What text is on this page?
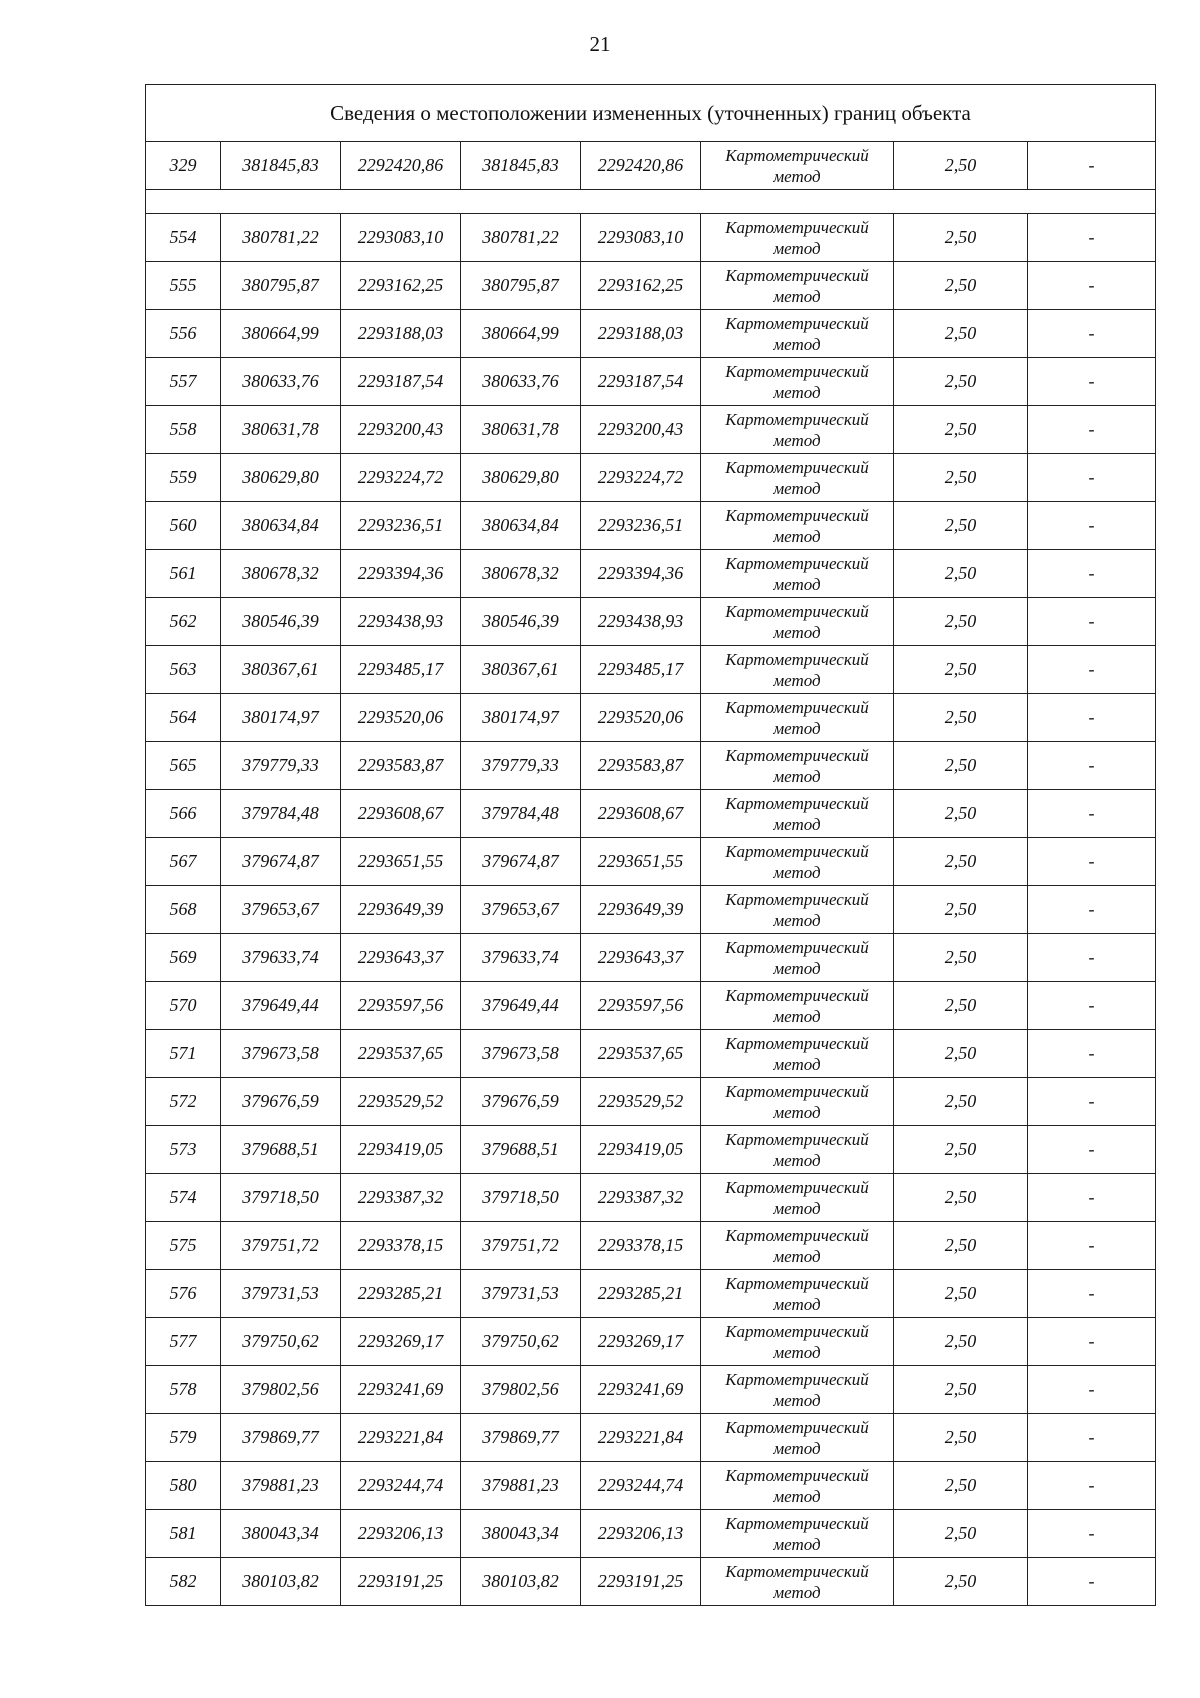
21
Сведения о местоположении измененных (уточненных) границ объекта							
329	381845,83	2292420,86	381845,83	2292420,86	Картометрический
метод	2,50	-

554	380781,22	2293083,10	380781,22	2293083,10	Картометрический
метод	2,50	-
555	380795,87	2293162,25	380795,87	2293162,25	Картометрический
метод	2,50	-
556	380664,99	2293188,03	380664,99	2293188,03	Картометрический
метод	2,50	-
557	380633,76	2293187,54	380633,76	2293187,54	Картометрический
метод	2,50	-
558	380631,78	2293200,43	380631,78	2293200,43	Картометрический
метод	2,50	-
559	380629,80	2293224,72	380629,80	2293224,72	Картометрический
метод	2,50	-
560	380634,84	2293236,51	380634,84	2293236,51	Картометрический
метод	2,50	-
561	380678,32	2293394,36	380678,32	2293394,36	Картометрический
метод	2,50	-
562	380546,39	2293438,93	380546,39	2293438,93	Картометрический
метод	2,50	-
563	380367,61	2293485,17	380367,61	2293485,17	Картометрический
метод	2,50	-
564	380174,97	2293520,06	380174,97	2293520,06	Картометрический
метод	2,50	-
565	379779,33	2293583,87	379779,33	2293583,87	Картометрический
метод	2,50	-
566	379784,48	2293608,67	379784,48	2293608,67	Картометрический
метод	2,50	-
567	379674,87	2293651,55	379674,87	2293651,55	Картометрический
метод	2,50	-
568	379653,67	2293649,39	379653,67	2293649,39	Картометрический
метод	2,50	-
569	379633,74	2293643,37	379633,74	2293643,37	Картометрический
метод	2,50	-
570	379649,44	2293597,56	379649,44	2293597,56	Картометрический
метод	2,50	-
571	379673,58	2293537,65	379673,58	2293537,65	Картометрический
метод	2,50	-
572	379676,59	2293529,52	379676,59	2293529,52	Картометрический
метод	2,50	-
573	379688,51	2293419,05	379688,51	2293419,05	Картометрический
метод	2,50	-
574	379718,50	2293387,32	379718,50	2293387,32	Картометрический
метод	2,50	-
575	379751,72	2293378,15	379751,72	2293378,15	Картометрический
метод	2,50	-
576	379731,53	2293285,21	379731,53	2293285,21	Картометрический
метод	2,50	-
577	379750,62	2293269,17	379750,62	2293269,17	Картометрический
метод	2,50	-
578	379802,56	2293241,69	379802,56	2293241,69	Картометрический
метод	2,50	-
579	379869,77	2293221,84	379869,77	2293221,84	Картометрический
метод	2,50	-
580	379881,23	2293244,74	379881,23	2293244,74	Картометрический
метод	2,50	-
581	380043,34	2293206,13	380043,34	2293206,13	Картометрический
метод	2,50	-
582	380103,82	2293191,25	380103,82	2293191,25	Картометрический
метод	2,50	-
